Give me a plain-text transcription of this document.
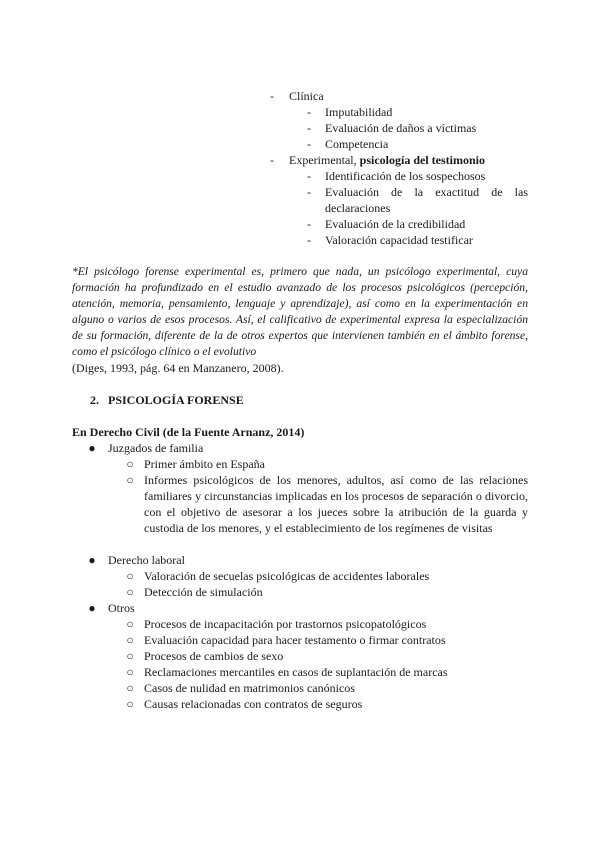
- Clínica
- Imputabilidad
- Evaluación de daños a víctimas
- Competencia
- Experimental, psicología del testimonio
- Identificación de los sospechosos
- Evaluación de la exactitud de las declaraciones
- Evaluación de la credibilidad
- Valoración capacidad testificar
*El psicólogo forense experimental es, primero que nada, un psicólogo experimental, cuya formación ha profundizado en el estudio avanzado de los procesos psicológicos (percepción, atención, memoria, pensamiento, lenguaje y aprendizaje), así como en la experimentación en alguno o varios de esos procesos. Así, el calificativo de experimental expresa la especialización de su formación, diferente de la de otros expertos que intervienen también en el ámbito forense, como el psicólogo clínico o el evolutivo
(Diges, 1993, pág. 64 en Manzanero, 2008).
2. PSICOLOGÍA FORENSE
En Derecho Civil (de la Fuente Arnanz, 2014)
● Juzgados de familia
○ Primer ámbito en España
○ Informes psicológicos de los menores, adultos, así como de las relaciones familiares y circunstancias implicadas en los procesos de separación o divorcio, con el objetivo de asesorar a los jueces sobre la atribución de la guarda y custodia de los menores, y el establecimiento de los regímenes de visitas
● Derecho laboral
○ Valoración de secuelas psicológicas de accidentes laborales
○ Detección de simulación
● Otros
○ Procesos de incapacitación por trastornos psicopatológicos
○ Evaluación capacidad para hacer testamento o firmar contratos
○ Procesos de cambios de sexo
○ Reclamaciones mercantiles en casos de suplantación de marcas
○ Casos de nulidad en matrimonios canónicos
○ Causas relacionadas con contratos de seguros
